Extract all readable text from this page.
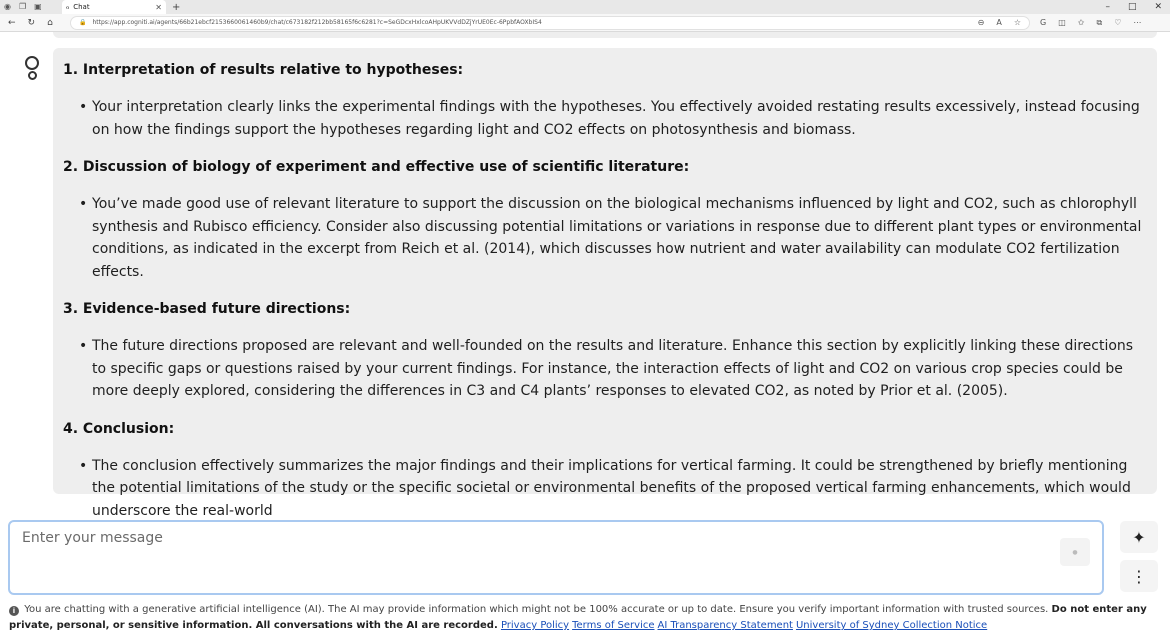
◉ ❐ ▣	ℴ Chat	✕ +	– □ ✕
← ↻ ⌂	🔒 https://app.cogniti.ai/agents/66b21ebcf2153660061460b9/chat/c673182f212bb58165f6c6281?c=SeGDcxHxlcoAHpUKVVdDZjYrUE0Ec-6PpbfAOXbIS4	⊖ A ☆ G ◫ ✩ ⧉ ♡ ⋯
1. Interpretation of results relative to hypotheses:
• Your interpretation clearly links the experimental findings with the hypotheses. You effectively avoided restating results excessively, instead focusing on how the findings support the hypotheses regarding light and CO2 effects on photosynthesis and biomass.
2. Discussion of biology of experiment and effective use of scientific literature:
• You’ve made good use of relevant literature to support the discussion on the biological mechanisms influenced by light and CO2, such as chlorophyll synthesis and Rubisco efficiency. Consider also discussing potential limitations or variations in response due to different plant types or environmental conditions, as indicated in the excerpt from Reich et al. (2014), which discusses how nutrient and water availability can modulate CO2 fertilization effects.
3. Evidence-based future directions:
• The future directions proposed are relevant and well-founded on the results and literature. Enhance this section by explicitly linking these directions to specific gaps or questions raised by your current findings. For instance, the interaction effects of light and CO2 on various crop species could be more deeply explored, considering the differences in C3 and C4 plants’ responses to elevated CO2, as noted by Prior et al. (2005).
4. Conclusion:
• The conclusion effectively summarizes the major findings and their implications for vertical farming. It could be strengthened by briefly mentioning the potential limitations of the study or the specific societal or environmental benefits of the proposed vertical farming enhancements, which would underscore the real-world
Enter your message
●
✦
⋮
i You are chatting with a generative artificial intelligence (AI). The AI may provide information which might not be 100% accurate or up to date. Ensure you verify important information with trusted sources. Do not enter any private, personal, or sensitive information. All conversations with the AI are recorded. Privacy Policy Terms of Service AI Transparency Statement University of Sydney Collection Notice
